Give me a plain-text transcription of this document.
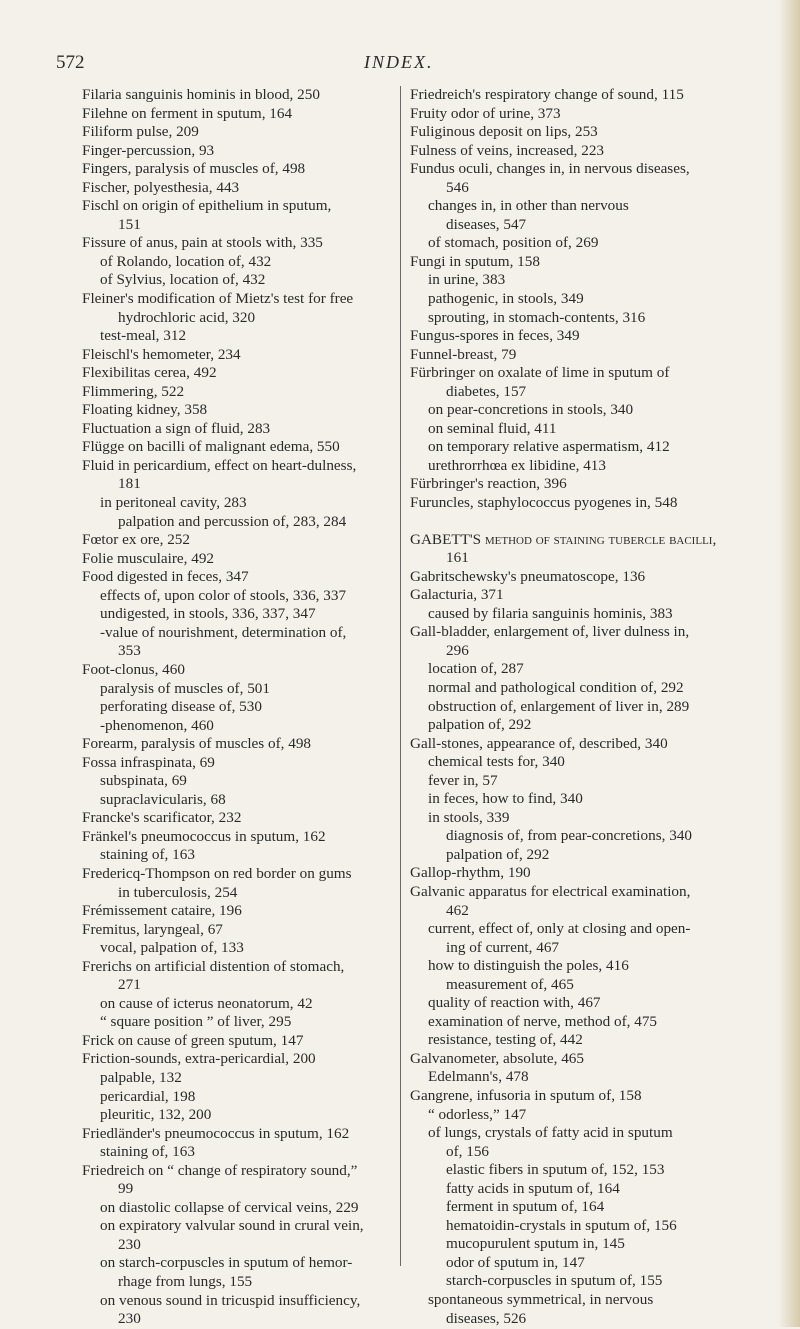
572	INDEX.
Filaria sanguinis hominis in blood, 250
Filehne on ferment in sputum, 164
Filiform pulse, 209
Finger-percussion, 93
Fingers, paralysis of muscles of, 498
Fischer, polyesthesia, 443
Fischl on origin of epithelium in sputum,
151
Fissure of anus, pain at stools with, 335
of Rolando, location of, 432
of Sylvius, location of, 432
Fleiner's modification of Mietz's test for free
hydrochloric acid, 320
test-meal, 312
Fleischl's hemometer, 234
Flexibilitas cerea, 492
Flimmering, 522
Floating kidney, 358
Fluctuation a sign of fluid, 283
Flügge on bacilli of malignant edema, 550
Fluid in pericardium, effect on heart-dulness,
181
in peritoneal cavity, 283
palpation and percussion of, 283, 284
Fœtor ex ore, 252
Folie musculaire, 492
Food digested in feces, 347
effects of, upon color of stools, 336, 337
undigested, in stools, 336, 337, 347
-value of nourishment, determination of,
353
Foot-clonus, 460
paralysis of muscles of, 501
perforating disease of, 530
-phenomenon, 460
Forearm, paralysis of muscles of, 498
Fossa infraspinata, 69
subspinata, 69
supraclavicularis, 68
Francke's scarificator, 232
Fränkel's pneumococcus in sputum, 162
staining of, 163
Fredericq-Thompson on red border on gums
in tuberculosis, 254
Frémissement cataire, 196
Fremitus, laryngeal, 67
vocal, palpation of, 133
Frerichs on artificial distention of stomach,
271
on cause of icterus neonatorum, 42
“ square position ” of liver, 295
Frick on cause of green sputum, 147
Friction-sounds, extra-pericardial, 200
palpable, 132
pericardial, 198
pleuritic, 132, 200
Friedländer's pneumococcus in sputum, 162
staining of, 163
Friedreich on “ change of respiratory sound,”
99
on diastolic collapse of cervical veins, 229
on expiratory valvular sound in crural vein,
230
on starch-corpuscles in sputum of hemor-
rhage from lungs, 155
on venous sound in tricuspid insufficiency,
230
Friedreich's respiratory change of sound, 115
Fruity odor of urine, 373
Fuliginous deposit on lips, 253
Fulness of veins, increased, 223
Fundus oculi, changes in, in nervous diseases,
546
changes in, in other than nervous
diseases, 547
of stomach, position of, 269
Fungi in sputum, 158
in urine, 383
pathogenic, in stools, 349
sprouting, in stomach-contents, 316
Fungus-spores in feces, 349
Funnel-breast, 79
Fürbringer on oxalate of lime in sputum of
diabetes, 157
on pear-concretions in stools, 340
on seminal fluid, 411
on temporary relative aspermatism, 412
urethrorrhœa ex libidine, 413
Fürbringer's reaction, 396
Furuncles, staphylococcus pyogenes in, 548
GABETT'S method of staining tubercle bacilli,
161
Gabritschewsky's pneumatoscope, 136
Galacturia, 371
caused by filaria sanguinis hominis, 383
Gall-bladder, enlargement of, liver dulness in,
296
location of, 287
normal and pathological condition of, 292
obstruction of, enlargement of liver in, 289
palpation of, 292
Gall-stones, appearance of, described, 340
chemical tests for, 340
fever in, 57
in feces, how to find, 340
in stools, 339
diagnosis of, from pear-concretions, 340
palpation of, 292
Gallop-rhythm, 190
Galvanic apparatus for electrical examination,
462
current, effect of, only at closing and open-
ing of current, 467
how to distinguish the poles, 416
measurement of, 465
quality of reaction with, 467
examination of nerve, method of, 475
resistance, testing of, 442
Galvanometer, absolute, 465
Edelmann's, 478
Gangrene, infusoria in sputum of, 158
“ odorless,” 147
of lungs, crystals of fatty acid in sputum
of, 156
elastic fibers in sputum of, 152, 153
fatty acids in sputum of, 164
ferment in sputum of, 164
hematoidin-crystals in sputum of, 156
mucopurulent sputum in, 145
odor of sputum in, 147
starch-corpuscles in sputum of, 155
spontaneous symmetrical, in nervous
diseases, 526
